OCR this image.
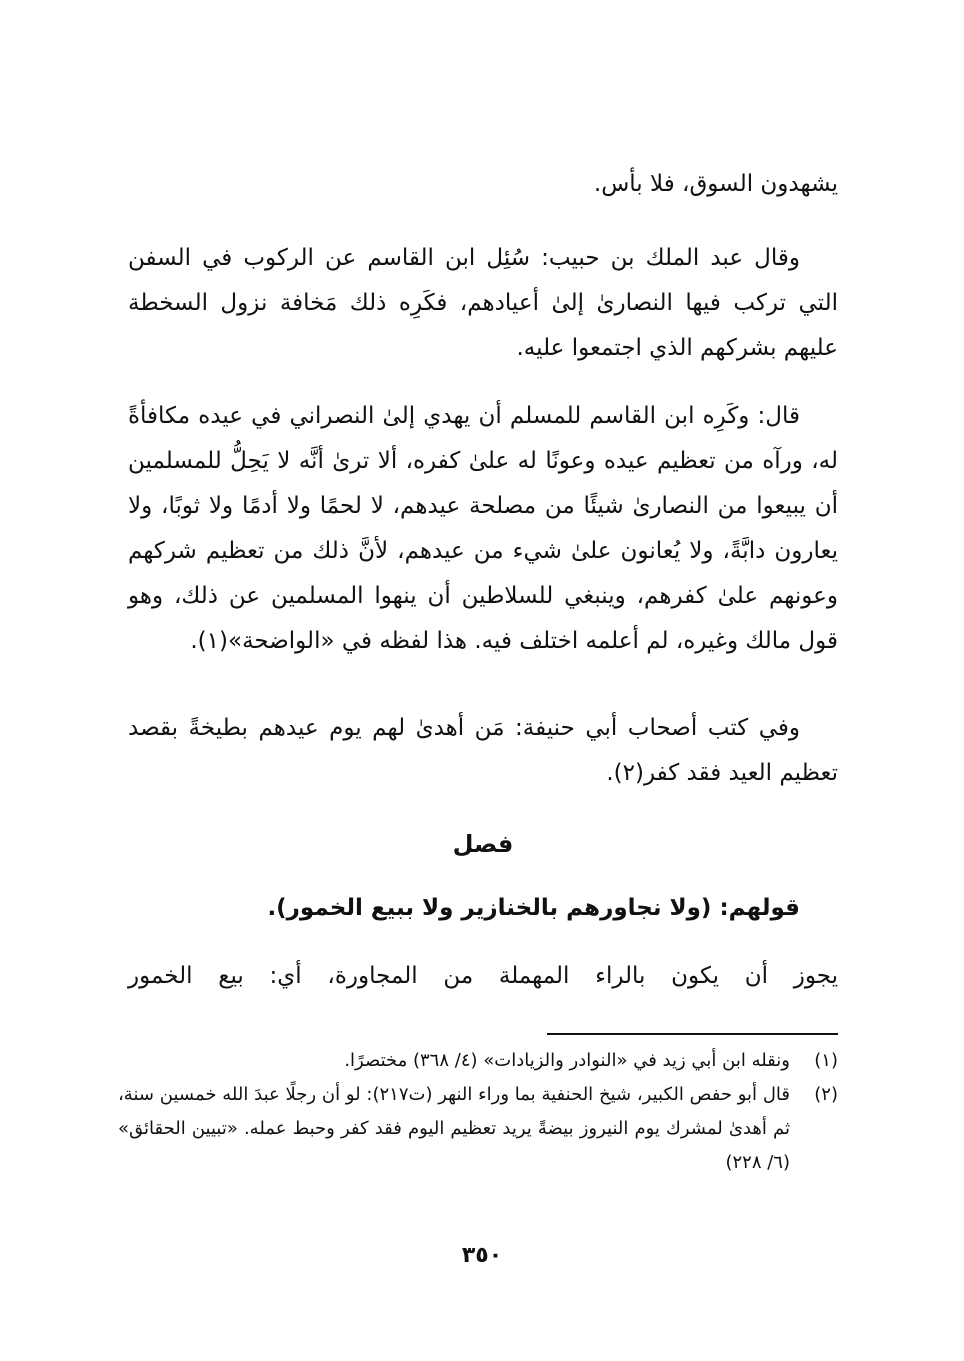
يشهدون السوق، فلا بأس.

وقال عبد الملك بن حبيب: سُئِل ابن القاسم عن الركوب في السفن التي تركب فيها النصارىٰ إلىٰ أعيادهم، فكَرِه ذلك مَخافة نزول السخطة عليهم بشركهم الذي اجتمعوا عليه.

قال: وكَرِه ابن القاسم للمسلم أن يهدي إلىٰ النصراني في عيده مكافأةً له، ورآه من تعظيم عيده وعونًا له علىٰ كفره، ألا ترىٰ أنَّه لا يَحِلُّ للمسلمين أن يبيعوا من النصارىٰ شيئًا من مصلحة عيدهم، لا لحمًا ولا أدمًا ولا ثوبًا، ولا يعارون دابَّةً، ولا يُعانون علىٰ شيء من عيدهم، لأنَّ ذلك من تعظيم شركهم وعونهم علىٰ كفرهم، وينبغي للسلاطين أن ينهوا المسلمين عن ذلك، وهو قول مالك وغيره، لم أعلمه اختلف فيه. هذا لفظه في «الواضحة»(١).

وفي كتب أصحاب أبي حنيفة: مَن أهدىٰ لهم يوم عيدهم بطيخةً بقصد تعظيم العيد فقد كفر(٢).

فصل

قولهم: (ولا نجاورهم بالخنازير ولا ببيع الخمور).

يجوز أن يكون بالراء المهملة من المجاورة، أي: بيع الخمور

(١)
ونقله ابن أبي زيد في «النوادر والزيادات» (٤/ ٣٦٨) مختصرًا.
(٢)
قال أبو حفص الكبير، شيخ الحنفية بما وراء النهر (ت٢١٧): لو أن رجلًا عبدَ الله خمسين سنة، ثم أهدىٰ لمشرك يوم النيروز بيضةً يريد تعظيم اليوم فقد كفر وحبط عمله. «تبيين الحقائق» (٦/ ٢٢٨)
٣٥٠
